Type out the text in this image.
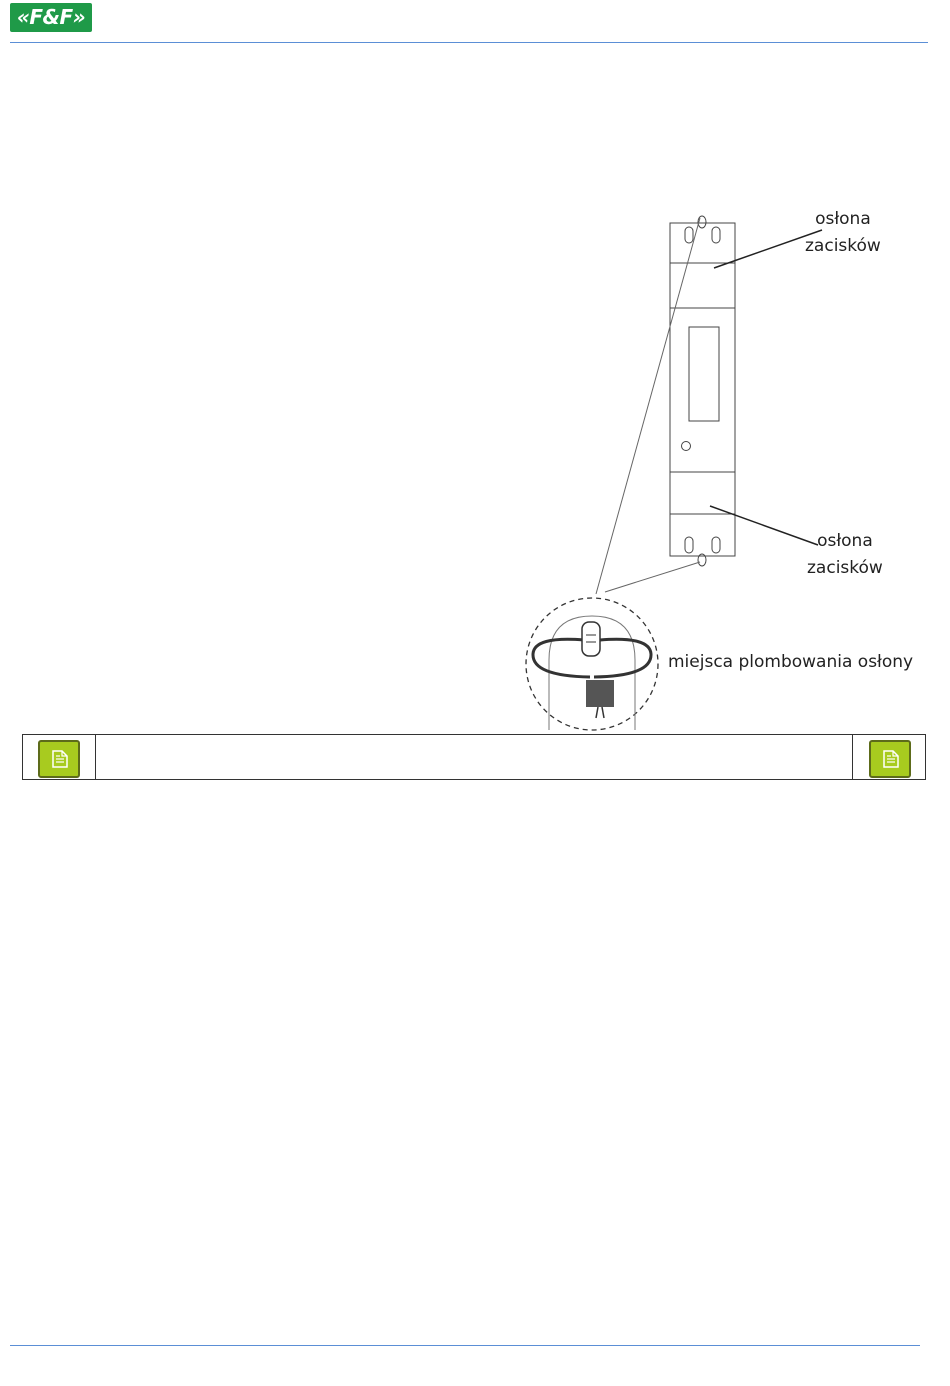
«F&F»
osłona
zacisków
osłona
zacisków
miejsca plombowania osłony
